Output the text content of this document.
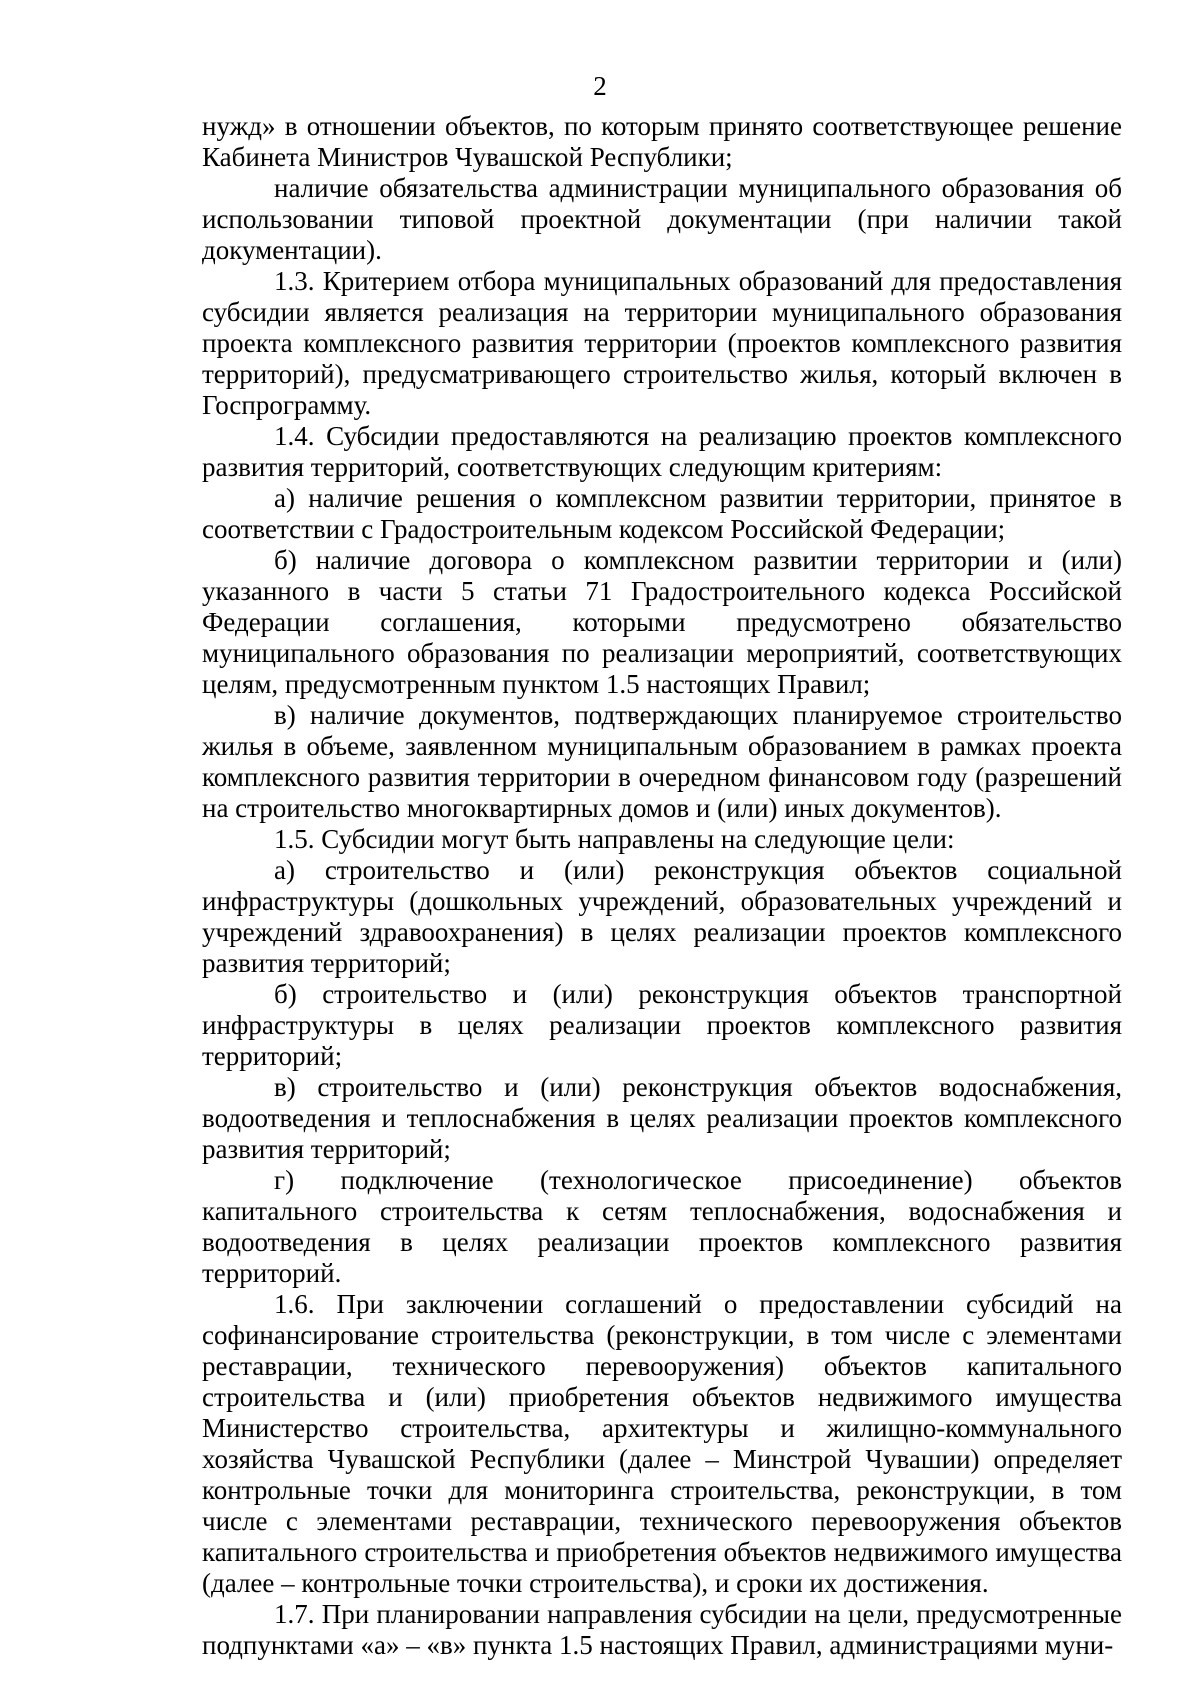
2

нужд» в отношении объектов, по которым принято соответствующее решение Кабинета Министров Чувашской Республики;

наличие обязательства администрации муниципального образования об использовании типовой проектной документации (при наличии такой документации).

1.3. Критерием отбора муниципальных образований для предоставления субсидии является реализация на территории муниципального образования проекта комплексного развития территории (проектов комплексного развития территорий), предусматривающего строительство жилья, который включен в Госпрограмму.

1.4. Субсидии предоставляются на реализацию проектов комплексного развития территорий, соответствующих следующим критериям:

а) наличие решения о комплексном развитии территории, принятое в соответствии с Градостроительным кодексом Российской Федерации;

б) наличие договора о комплексном развитии территории и (или) указанного в части 5 статьи 71 Градостроительного кодекса Российской Федерации соглашения, которыми предусмотрено обязательство муниципального образования по реализации мероприятий, соответствующих целям, предусмотренным пунктом 1.5 настоящих Правил;

в) наличие документов, подтверждающих планируемое строительство жилья в объеме, заявленном муниципальным образованием в рамках проекта комплексного развития территории в очередном финансовом году (разрешений на строительство многоквартирных домов и (или) иных документов).

1.5. Субсидии могут быть направлены на следующие цели:

а) строительство и (или) реконструкция объектов социальной инфраструктуры (дошкольных учреждений, образовательных учреждений и учреждений здравоохранения) в целях реализации проектов комплексного развития территорий;

б) строительство и (или) реконструкция объектов транспортной инфраструктуры в целях реализации проектов комплексного развития территорий;

в) строительство и (или) реконструкция объектов водоснабжения, водоотведения и теплоснабжения в целях реализации проектов комплексного развития территорий;

г) подключение (технологическое присоединение) объектов капитального строительства к сетям теплоснабжения, водоснабжения и водоотведения в целях реализации проектов комплексного развития территорий.

1.6. При заключении соглашений о предоставлении субсидий на софинансирование строительства (реконструкции, в том числе с элементами реставрации, технического перевооружения) объектов капитального строительства и (или) приобретения объектов недвижимого имущества Министерство строительства, архитектуры и жилищно-коммунального хозяйства Чувашской Республики (далее – Минстрой Чувашии) определяет контрольные точки для мониторинга строительства, реконструкции, в том числе с элементами реставрации, технического перевооружения объектов капитального строительства и приобретения объектов недвижимого имущества (далее – контрольные точки строительства), и сроки их достижения.

1.7. При планировании направления субсидии на цели, предусмотренные подпунктами «а» – «в» пункта 1.5 настоящих Правил, администрациями муни-
